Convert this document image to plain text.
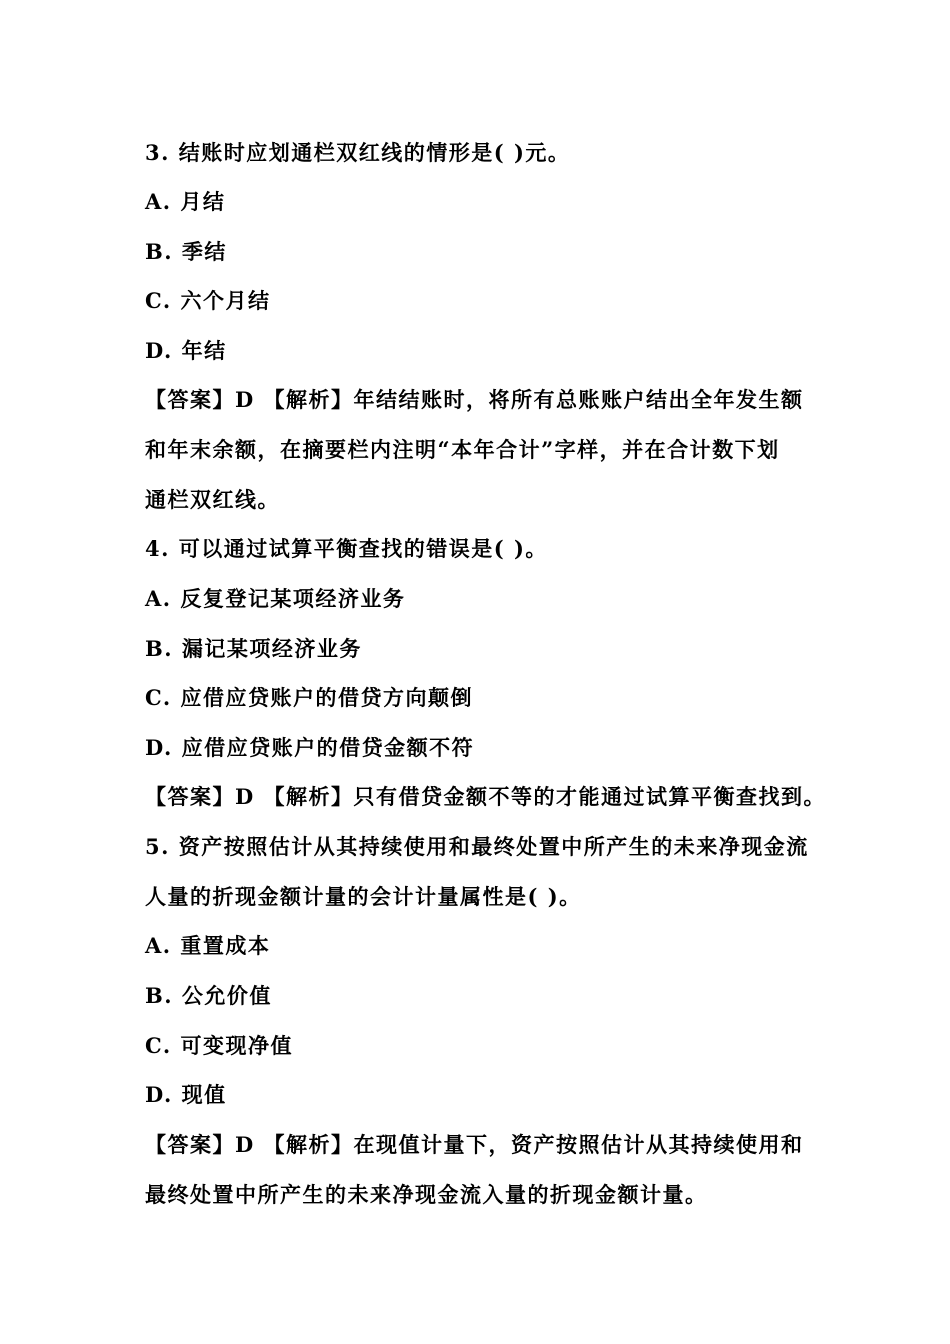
3. 结账时应划通栏双红线的情形是( )元。
A. 月结
B. 季结
C. 六个月结
D. 年结
【答案】D 【解析】年结结账时，将所有总账账户结出全年发生额
和年末余额，在摘要栏内注明“本年合计”字样，并在合计数下划
通栏双红线。
4. 可以通过试算平衡查找的错误是( )。
A. 反复登记某项经济业务
B. 漏记某项经济业务
C. 应借应贷账户的借贷方向颠倒
D. 应借应贷账户的借贷金额不符
【答案】D 【解析】只有借贷金额不等的才能通过试算平衡查找到。
5. 资产按照估计从其持续使用和最终处置中所产生的未来净现金流
人量的折现金额计量的会计计量属性是( )。
A. 重置成本
B. 公允价值
C. 可变现净值
D. 现值
【答案】D 【解析】在现值计量下，资产按照估计从其持续使用和
最终处置中所产生的未来净现金流入量的折现金额计量。
